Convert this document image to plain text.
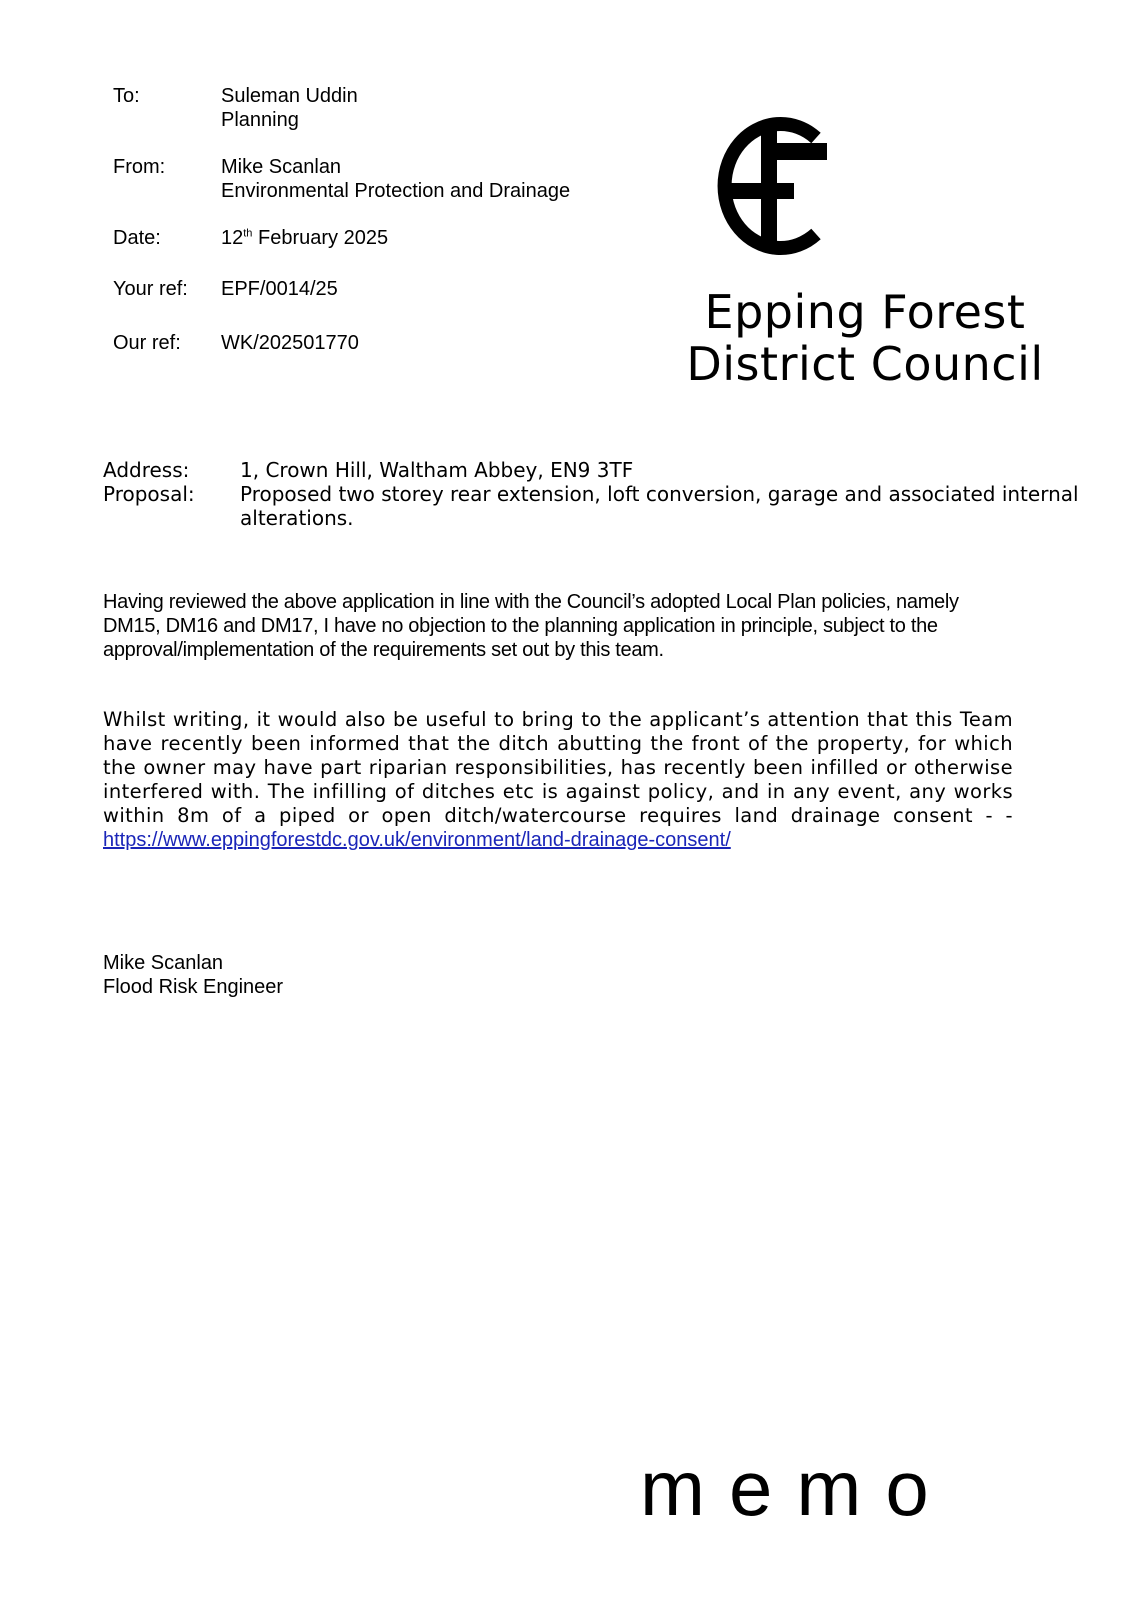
To:	Suleman Uddin
Planning
From:	Mike Scanlan
Environmental Protection and Drainage
Date:	12th February 2025
Your ref: EPF/0014/25
Our ref: WK/202501770
Epping Forest
District Council
Address:	1, Crown Hill, Waltham Abbey, EN9 3TF
Proposal: Proposed two storey rear extension, loft conversion, garage and associated internal alterations.
Having reviewed the above application in line with the Council’s adopted Local Plan policies, namely DM15, DM16 and DM17, I have no objection to the planning application in principle, subject to the approval/implementation of the requirements set out by this team.
Whilst writing, it would also be useful to bring to the applicant’s attention that this Team have recently been informed that the ditch abutting the front of the property, for which the owner may have part riparian responsibilities, has recently been infilled or otherwise interfered with. The infilling of ditches etc is against policy, and in any event, any works within 8m of a piped or open ditch/watercourse requires land drainage consent - - https://www.eppingforestdc.gov.uk/environment/land-drainage-consent/
Mike Scanlan
Flood Risk Engineer
memo
